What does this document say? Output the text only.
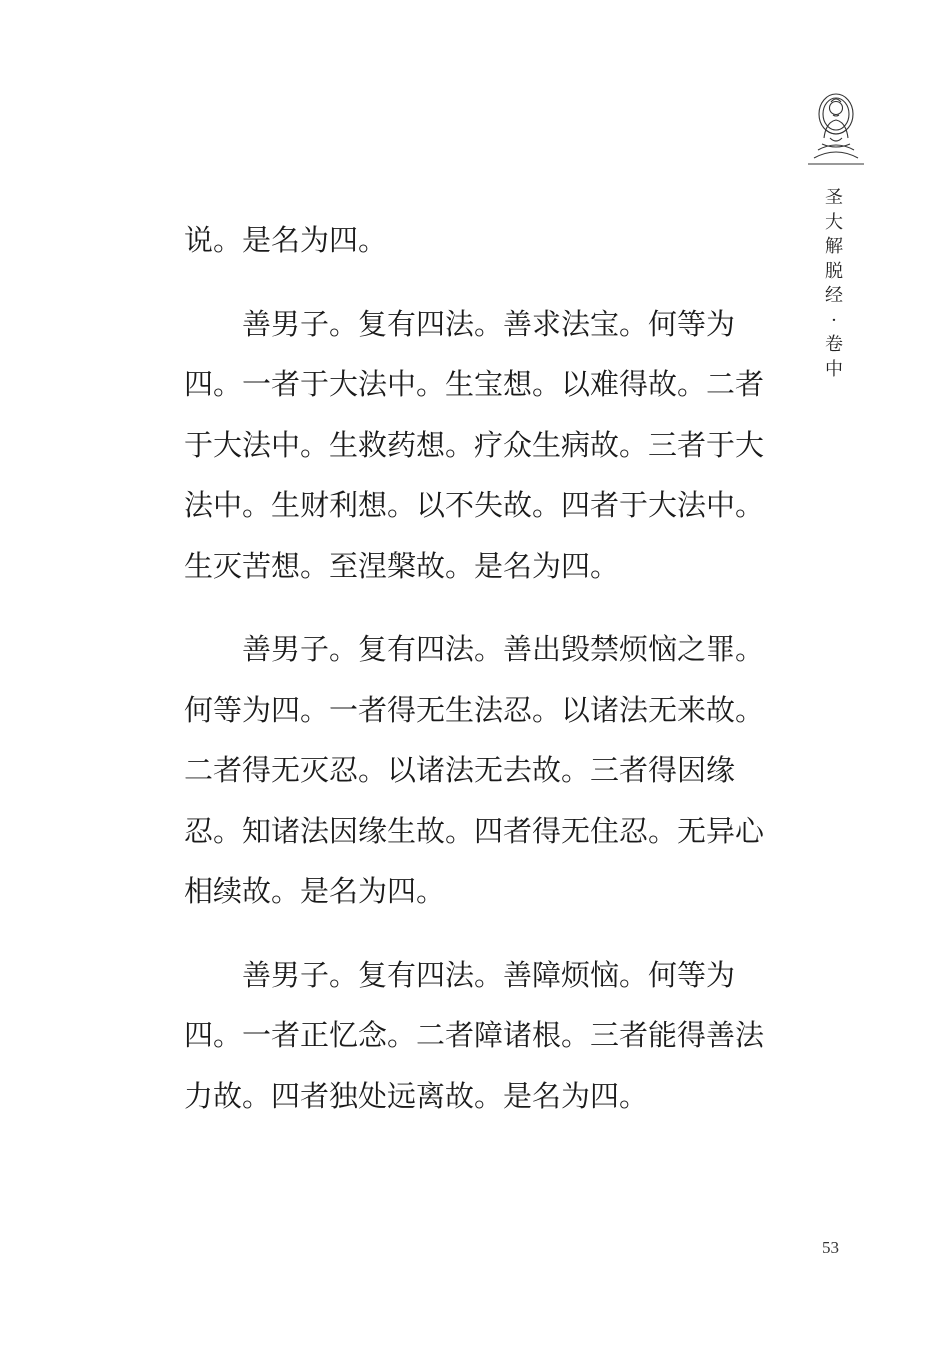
圣
大
解
脱
经
·
卷
中

说。是名为四。

善男子。复有四法。善求法宝。何等为
四。一者于大法中。生宝想。以难得故。二者
于大法中。生救药想。疗众生病故。三者于大
法中。生财利想。以不失故。四者于大法中。
生灭苦想。至涅槃故。是名为四。

善男子。复有四法。善出毁禁烦恼之罪。
何等为四。一者得无生法忍。以诸法无来故。
二者得无灭忍。以诸法无去故。三者得因缘
忍。知诸法因缘生故。四者得无住忍。无异心
相续故。是名为四。

善男子。复有四法。善障烦恼。何等为
四。一者正忆念。二者障诸根。三者能得善法
力故。四者独处远离故。是名为四。

53
